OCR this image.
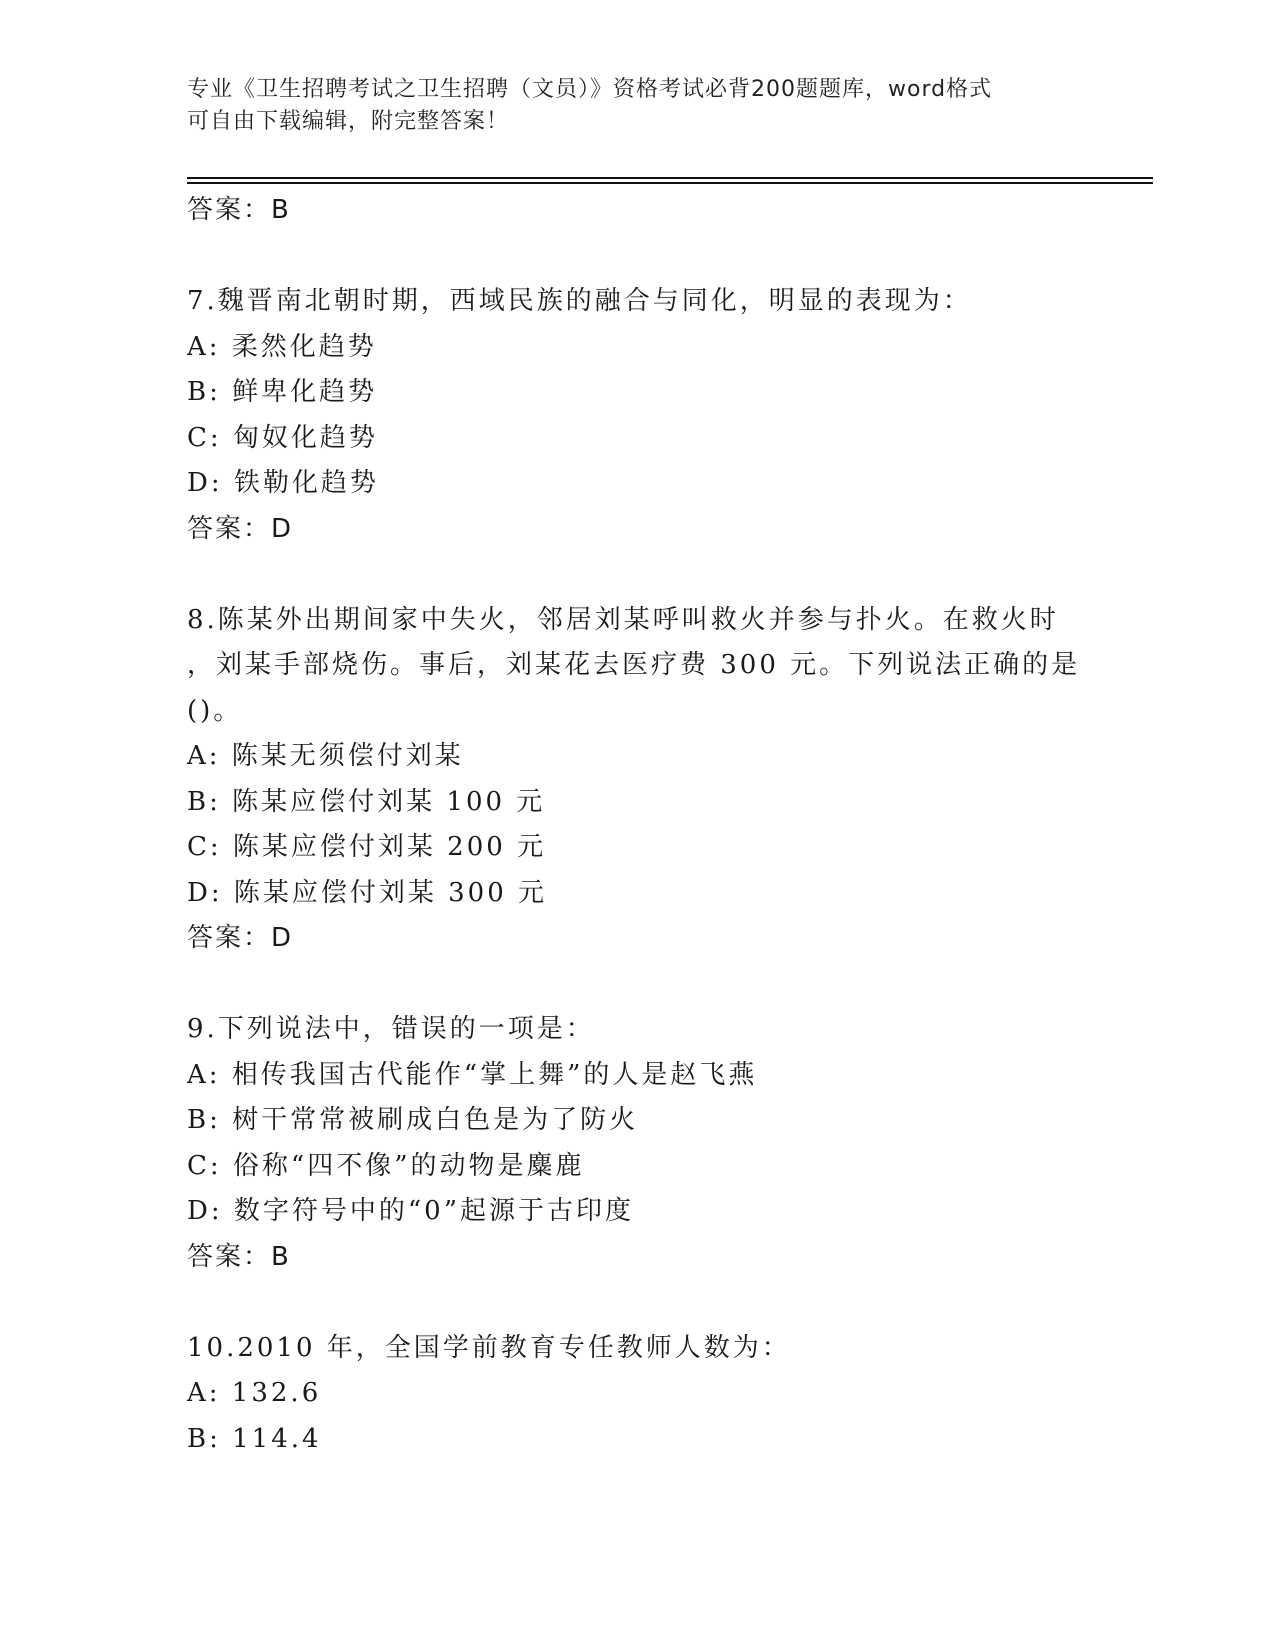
专业《卫生招聘考试之卫生招聘（文员）》资格考试必背200题题库，word格式
可自由下载编辑，附完整答案！
答案：B
7.魏晋南北朝时期，西域民族的融合与同化，明显的表现为：
A: 柔然化趋势
B: 鲜卑化趋势
C: 匈奴化趋势
D: 铁勒化趋势
答案：D
8.陈某外出期间家中失火，邻居刘某呼叫救火并参与扑火。在救火时
，刘某手部烧伤。事后，刘某花去医疗费 300 元。下列说法正确的是
()。
A: 陈某无须偿付刘某
B: 陈某应偿付刘某 100 元
C: 陈某应偿付刘某 200 元
D: 陈某应偿付刘某 300 元
答案：D
9.下列说法中，错误的一项是：
A: 相传我国古代能作“掌上舞”的人是赵飞燕
B: 树干常常被刷成白色是为了防火
C: 俗称“四不像”的动物是麋鹿
D: 数字符号中的“0”起源于古印度
答案：B
10.2010 年，全国学前教育专任教师人数为：
A: 132.6
B: 114.4
